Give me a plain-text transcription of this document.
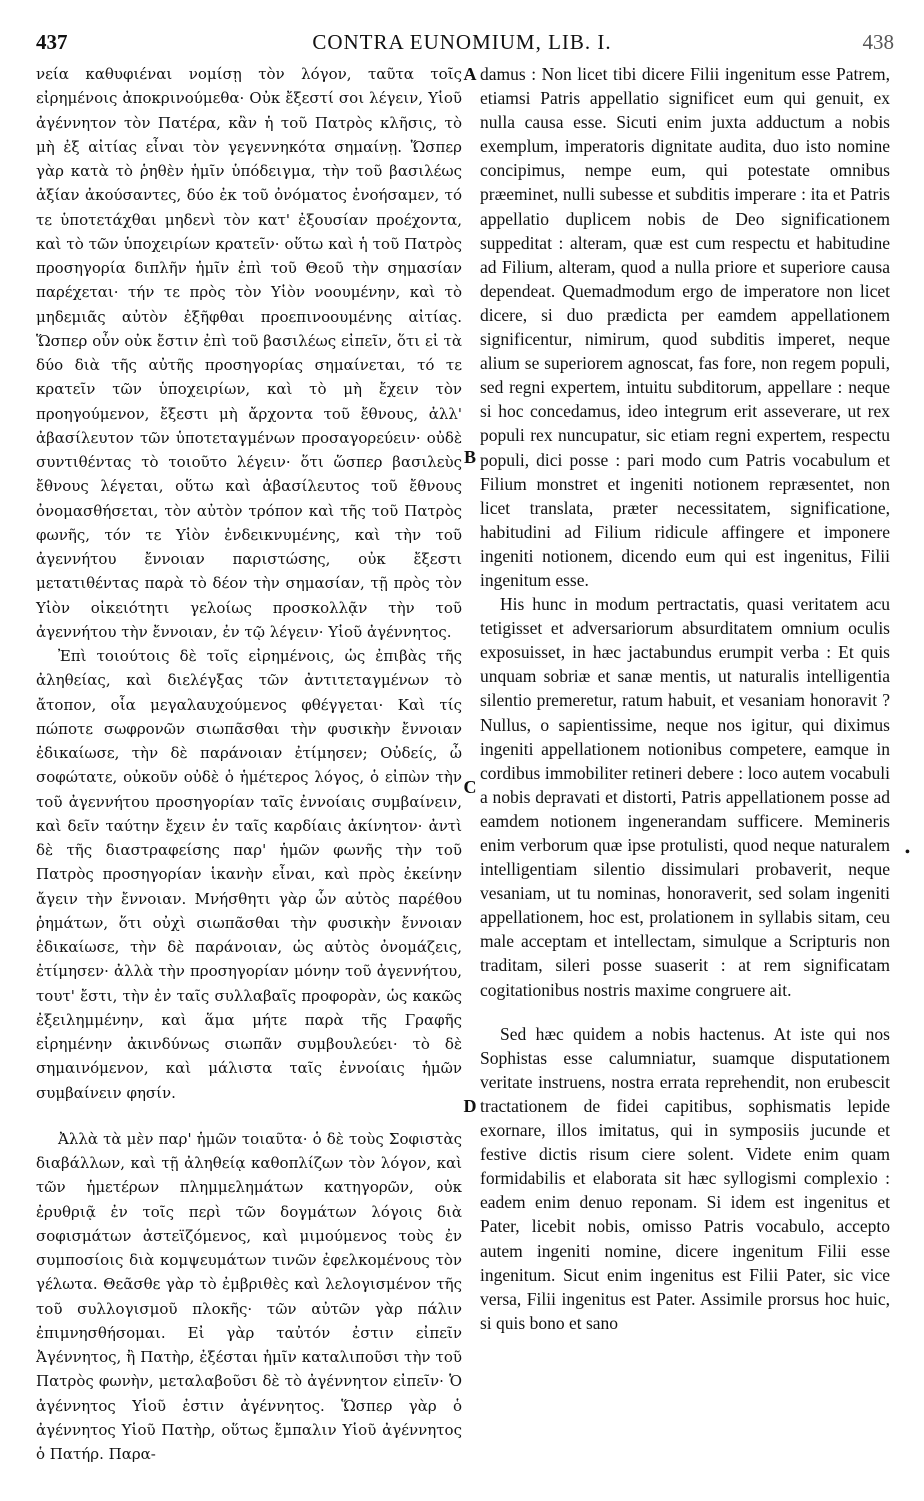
437	CONTRA EUNOMIUM, LIB. I.	438

νεία καθυφιέναι νομίσῃ τὸν λόγον, ταῦτα τοῖς εἰρημένοις ἀποκρινούμεθα· Οὐκ ἔξεστί σοι λέγειν, Υἱοῦ ἀγέννητον τὸν Πατέρα, κἂν ἡ τοῦ Πατρὸς κλῆσις, τὸ μὴ ἐξ αἰτίας εἶναι τὸν γεγεννηκότα σημαίνῃ. Ὥσπερ γὰρ κατὰ τὸ ῥηθὲν ἡμῖν ὑπόδειγμα, τὴν τοῦ βασιλέως ἀξίαν ἀκούσαντες, δύο ἐκ τοῦ ὀνόματος ἐνοήσαμεν, τό τε ὑποτετάχθαι μηδενὶ τὸν κατ' ἐξουσίαν προέχοντα, καὶ τὸ τῶν ὑποχειρίων κρατεῖν· οὕτω καὶ ἡ τοῦ Πατρὸς προσηγορία διπλῆν ἡμῖν ἐπὶ τοῦ Θεοῦ τὴν σημασίαν παρέχεται· τήν τε πρὸς τὸν Υἱὸν νοουμένην, καὶ τὸ μηδεμιᾶς αὐτὸν ἐξῆφθαι προεπινοουμένης αἰτίας. Ὥσπερ οὖν οὐκ ἔστιν ἐπὶ τοῦ βασιλέως εἰπεῖν, ὅτι εἰ τὰ δύο διὰ τῆς αὐτῆς προσηγορίας σημαίνεται, τό τε κρατεῖν τῶν ὑποχειρίων, καὶ τὸ μὴ ἔχειν τὸν προηγούμενον, ἔξεστι μὴ ἄρχοντα τοῦ ἔθνους, ἀλλ' ἀβασίλευτον τῶν ὑποτεταγμένων προσαγορεύειν· οὐδὲ συντιθέντας τὸ τοιοῦτο λέγειν· ὅτι ὥσπερ βασιλεὺς ἔθνους λέγεται, οὕτω καὶ ἀβασίλευτος τοῦ ἔθνους ὀνομασθήσεται, τὸν αὐτὸν τρόπον καὶ τῆς τοῦ Πατρὸς φωνῆς, τόν τε Υἱὸν ἐνδεικνυμένης, καὶ τὴν τοῦ ἀγεννήτου ἔννοιαν παριστώσης, οὐκ ἔξεστι μετατιθέντας παρὰ τὸ δέον τὴν σημασίαν, τῇ πρὸς τὸν Υἱὸν οἰκειότητι γελοίως προσκολλᾷν τὴν τοῦ ἀγεννήτου τὴν ἔννοιαν, ἐν τῷ λέγειν· Υἱοῦ ἀγέννητος.

Ἐπὶ τοιούτοις δὲ τοῖς εἰρημένοις, ὡς ἐπιβὰς τῆς ἀληθείας, καὶ διελέγξας τῶν ἀντιτεταγμένων τὸ ἄτοπον, οἷα μεγαλαυχούμενος φθέγγεται· Καὶ τίς πώποτε σωφρονῶν σιωπᾶσθαι τὴν φυσικὴν ἔννοιαν ἐδικαίωσε, τὴν δὲ παράνοιαν ἐτίμησεν; Οὐδείς, ὦ σοφώτατε, οὐκοῦν οὐδὲ ὁ ἡμέτερος λόγος, ὁ εἰπὼν τὴν τοῦ ἀγεννήτου προσηγορίαν ταῖς ἐννοίαις συμβαίνειν, καὶ δεῖν ταύτην ἔχειν ἐν ταῖς καρδίαις ἀκίνητον· ἀντὶ δὲ τῆς διαστραφείσης παρ' ἡμῶν φωνῆς τὴν τοῦ Πατρὸς προσηγορίαν ἱκανὴν εἶναι, καὶ πρὸς ἐκείνην ἄγειν τὴν ἔννοιαν. Μνήσθητι γὰρ ὧν αὐτὸς παρέθου ῥημάτων, ὅτι οὐχὶ σιωπᾶσθαι τὴν φυσικὴν ἔννοιαν ἐδικαίωσε, τὴν δὲ παράνοιαν, ὡς αὐτὸς ὀνομάζεις, ἐτίμησεν· ἀλλὰ τὴν προσηγορίαν μόνην τοῦ ἀγεννήτου, τουτ' ἔστι, τὴν ἐν ταῖς συλλαβαῖς προφορὰν, ὡς κακῶς ἐξειλημμένην, καὶ ἅμα μήτε παρὰ τῆς Γραφῆς εἰρημένην ἀκινδύνως σιωπᾶν συμβουλεύει· τὸ δὲ σημαινόμενον, καὶ μάλιστα ταῖς ἐννοίαις ἡμῶν συμβαίνειν φησίν.

Ἀλλὰ τὰ μὲν παρ' ἡμῶν τοιαῦτα· ὁ δὲ τοὺς Σοφιστὰς διαβάλλων, καὶ τῇ ἀληθείᾳ καθοπλίζων τὸν λόγον, καὶ τῶν ἡμετέρων πλημμελημάτων κατηγορῶν, οὐκ ἐρυθριᾷ ἐν τοῖς περὶ τῶν δογμάτων λόγοις διὰ σοφισμάτων ἀστεϊζόμενος, καὶ μιμούμενος τοὺς ἐν συμποσίοις διὰ κομψευμάτων τινῶν ἐφελκομένους τὸν γέλωτα. Θεᾶσθε γὰρ τὸ ἐμβριθὲς καὶ λελογισμένον τῆς τοῦ συλλογισμοῦ πλοκῆς· τῶν αὐτῶν γὰρ πάλιν ἐπιμνησθήσομαι. Εἰ γὰρ ταὐτόν ἐστιν εἰπεῖν Ἀγέννητος, ἢ Πατὴρ, ἐξέσται ἡμῖν καταλιποῦσι τὴν τοῦ Πατρὸς φωνὴν, μεταλαβοῦσι δὲ τὸ ἀγέννητον εἰπεῖν· Ὁ ἀγέννητος Υἱοῦ ἐστιν ἀγέννητος. Ὥσπερ γὰρ ὁ ἀγέννητος Υἱοῦ Πατὴρ, οὕτως ἔμπαλιν Υἱοῦ ἀγέννητος ὁ Πατήρ. Παρα-

A
B
C
D

damus : Non licet tibi dicere Filii ingenitum esse Patrem, etiamsi Patris appellatio significet eum qui genuit, ex nulla causa esse. Sicuti enim juxta adductum a nobis exemplum, imperatoris dignitate audita, duo isto nomine concipimus, nempe eum, qui potestate omnibus præeminet, nulli subesse et subditis imperare : ita et Patris appellatio duplicem nobis de Deo significationem suppeditat : alteram, quæ est cum respectu et habitudine ad Filium, alteram, quod a nulla priore et superiore causa dependeat. Quemadmodum ergo de imperatore non licet dicere, si duo prædicta per eamdem appellationem significentur, nimirum, quod subditis imperet, neque alium se superiorem agnoscat, fas fore, non regem populi, sed regni expertem, intuitu subditorum, appellare : neque si hoc concedamus, ideo integrum erit asseverare, ut rex populi rex nuncupatur, sic etiam regni expertem, respectu populi, dici posse : pari modo cum Patris vocabulum et Filium monstret et ingeniti notionem repræsentet, non licet translata, præter necessitatem, significatione, habitudini ad Filium ridicule affingere et imponere ingeniti notionem, dicendo eum qui est ingenitus, Filii ingenitum esse.

His hunc in modum pertractatis, quasi veritatem acu tetigisset et adversariorum absurditatem omnium oculis exposuisset, in hæc jactabundus erumpit verba : Et quis unquam sobriæ et sanæ mentis, ut naturalis intelligentia silentio premeretur, ratum habuit, et vesaniam honoravit ? Nullus, o sapientissime, neque nos igitur, qui diximus ingeniti appellationem notionibus competere, eamque in cordibus immobiliter retineri debere : loco autem vocabuli a nobis depravati et distorti, Patris appellationem posse ad eamdem notionem ingenerandam sufficere. Memineris enim verborum quæ ipse protulisti, quod neque naturalem intelligentiam silentio dissimulari probaverit, neque vesaniam, ut tu nominas, honoraverit, sed solam ingeniti appellationem, hoc est, prolationem in syllabis sitam, ceu male acceptam et intellectam, simulque a Scripturis non traditam, sileri posse suaserit : at rem significatam cogitationibus nostris maxime congruere ait.

Sed hæc quidem a nobis hactenus. At iste qui nos Sophistas esse calumniatur, suamque disputationem veritate instruens, nostra errata reprehendit, non erubescit tractationem de fidei capitibus, sophismatis lepide exornare, illos imitatus, qui in symposiis jucunde et festive dictis risum ciere solent. Videte enim quam formidabilis et elaborata sit hæc syllogismi complexio : eadem enim denuo reponam. Si idem est ingenitus et Pater, licebit nobis, omisso Patris vocabulo, accepto autem ingeniti nomine, dicere ingenitum Filii esse ingenitum. Sicut enim ingenitus est Filii Pater, sic vice versa, Filii ingenitus est Pater. Assimile prorsus hoc huic, si quis bono et sano

•
